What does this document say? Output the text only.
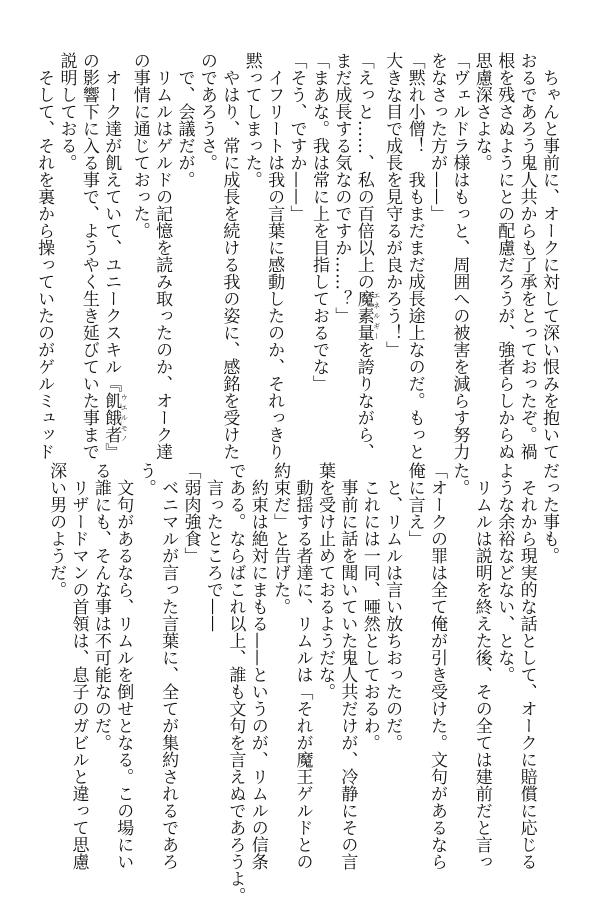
　ちゃんと事前に、オークに対して深い恨みを抱いて

おるであろう鬼人共からも了承をとっておったぞ。禍

根を残さぬようにとの配慮だろうが、強者らしからぬ

思慮深さよな。

「ヴェルドラ様はもっと、周囲への被害を減らす努力

をなさった方が——」

「黙れ小僧！　我もまだまだ成長途上なのだ。もっと

大きな目で成長を見守るが良かろう！」

「えっと……、私の百倍以上の魔素量 エネルギーを誇りながら、

まだ成長する気なのですか……？」

「まあな。我は常に上を目指しておるでな」

「そう、ですか——」

　イフリートは我の言葉に感動したのか、それっきり

黙ってしまった。

　やはり、常に成長を続ける我の姿に、感銘を受けた

のであろうさ。

　で、会議だが。

　リムルはゲルドの記憶を読み取ったのか、オーク達

の事情に通じておった。

　オーク達が飢えていて、ユニークスキル『飢餓者 ウエルモノ』

の影響下に入る事で、ようやく生き延びていた事まで

説明しておる。

　そして、それを裏から操っていたのがゲルミュッド

だった事も。

　それから現実的な話として、オークに賠償に応じる

ような余裕などない、とな。

　リムルは説明を終えた後、その全ては建前だと言っ

た。

「オークの罪は全て俺が引き受けた。文句があるなら

俺に言え」

　と、リムルは言い放ちおったのだ。

　これには一同、唖然としておるわ。

　事前に話を聞いていた鬼人共だけが、冷静にその言

葉を受け止めておるようだな。

　動揺する者達に、リムルは「それが魔王ゲルドとの

約束だ」と告げた。

　約束は絶対にまもる——というのが、リムルの信条

である。ならばこれ以上、誰も文句を言えぬであろうよ。

　言ったところで——

「弱肉強食」

　ベニマルが言った言葉に、全てが集約されるであろ

う。

　文句があるなら、リムルを倒せとなる。この場にい

る誰にも、そんな事は不可能なのだ。

　リザードマンの首領は、息子のガビルと違って思慮

深い男のようだ。
